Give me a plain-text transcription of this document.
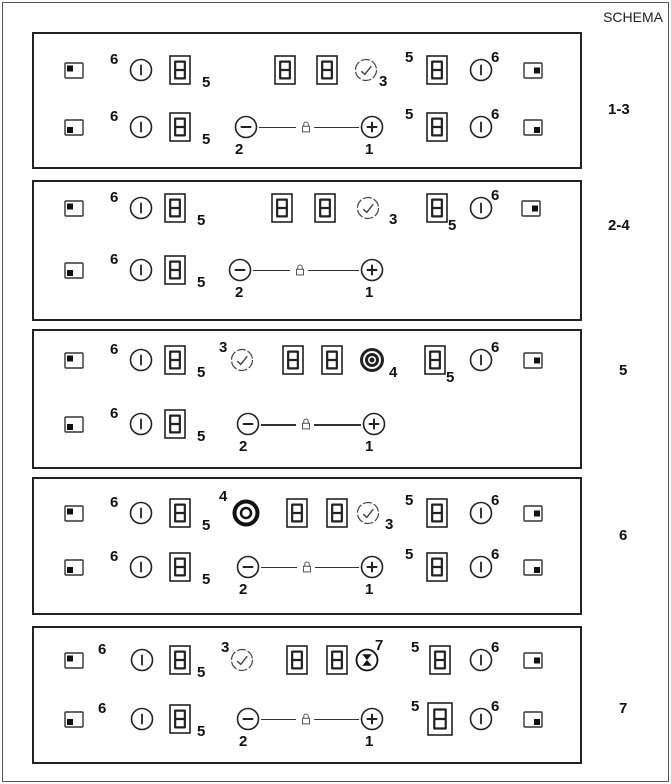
SCHEMA
1-3
6
5	3
5	6
6
5
2	1
5	6
2-4
6
5	3	5
6
6
5
2	1
5
6
5
3
4	5
6
6
5
2	1
6
6
5	3
4	5	6
6
5
2	1
5	6
7
6
5
3	7 5	6
6
5
2	1
5	6
